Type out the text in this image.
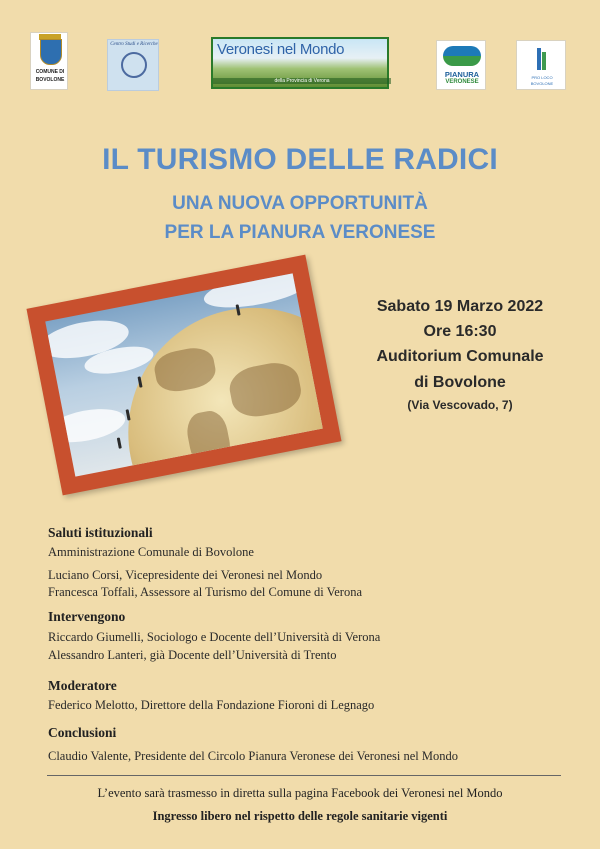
COMUNE DI
BOVOLONE
Centro Studi e Ricerche	Veronesi nel Mondo
della Provincia di Verona
PIANURA
VERONESE
PRO LOCO
BOVOLONE
IL TURISMO DELLE RADICI
UNA NUOVA OPPORTUNITÀ
PER LA PIANURA VERONESE
Sabato 19 Marzo 2022
Ore 16:30
Auditorium Comunale
di Bovolone
(Via Vescovado, 7)
Saluti istituzionali
Amministrazione Comunale di Bovolone
Luciano Corsi, Vicepresidente dei Veronesi nel Mondo
Francesca Toffali, Assessore al Turismo del Comune di Verona
Intervengono
Riccardo Giumelli, Sociologo e Docente dell’Università di Verona
Alessandro Lanteri, già Docente dell’Università di Trento
Moderatore
Federico Melotto, Direttore della Fondazione Fioroni di Legnago
Conclusioni
Claudio Valente, Presidente del Circolo Pianura Veronese dei Veronesi nel Mondo
L’evento sarà trasmesso in diretta sulla pagina Facebook dei Veronesi nel Mondo
Ingresso libero nel rispetto delle regole sanitarie vigenti
